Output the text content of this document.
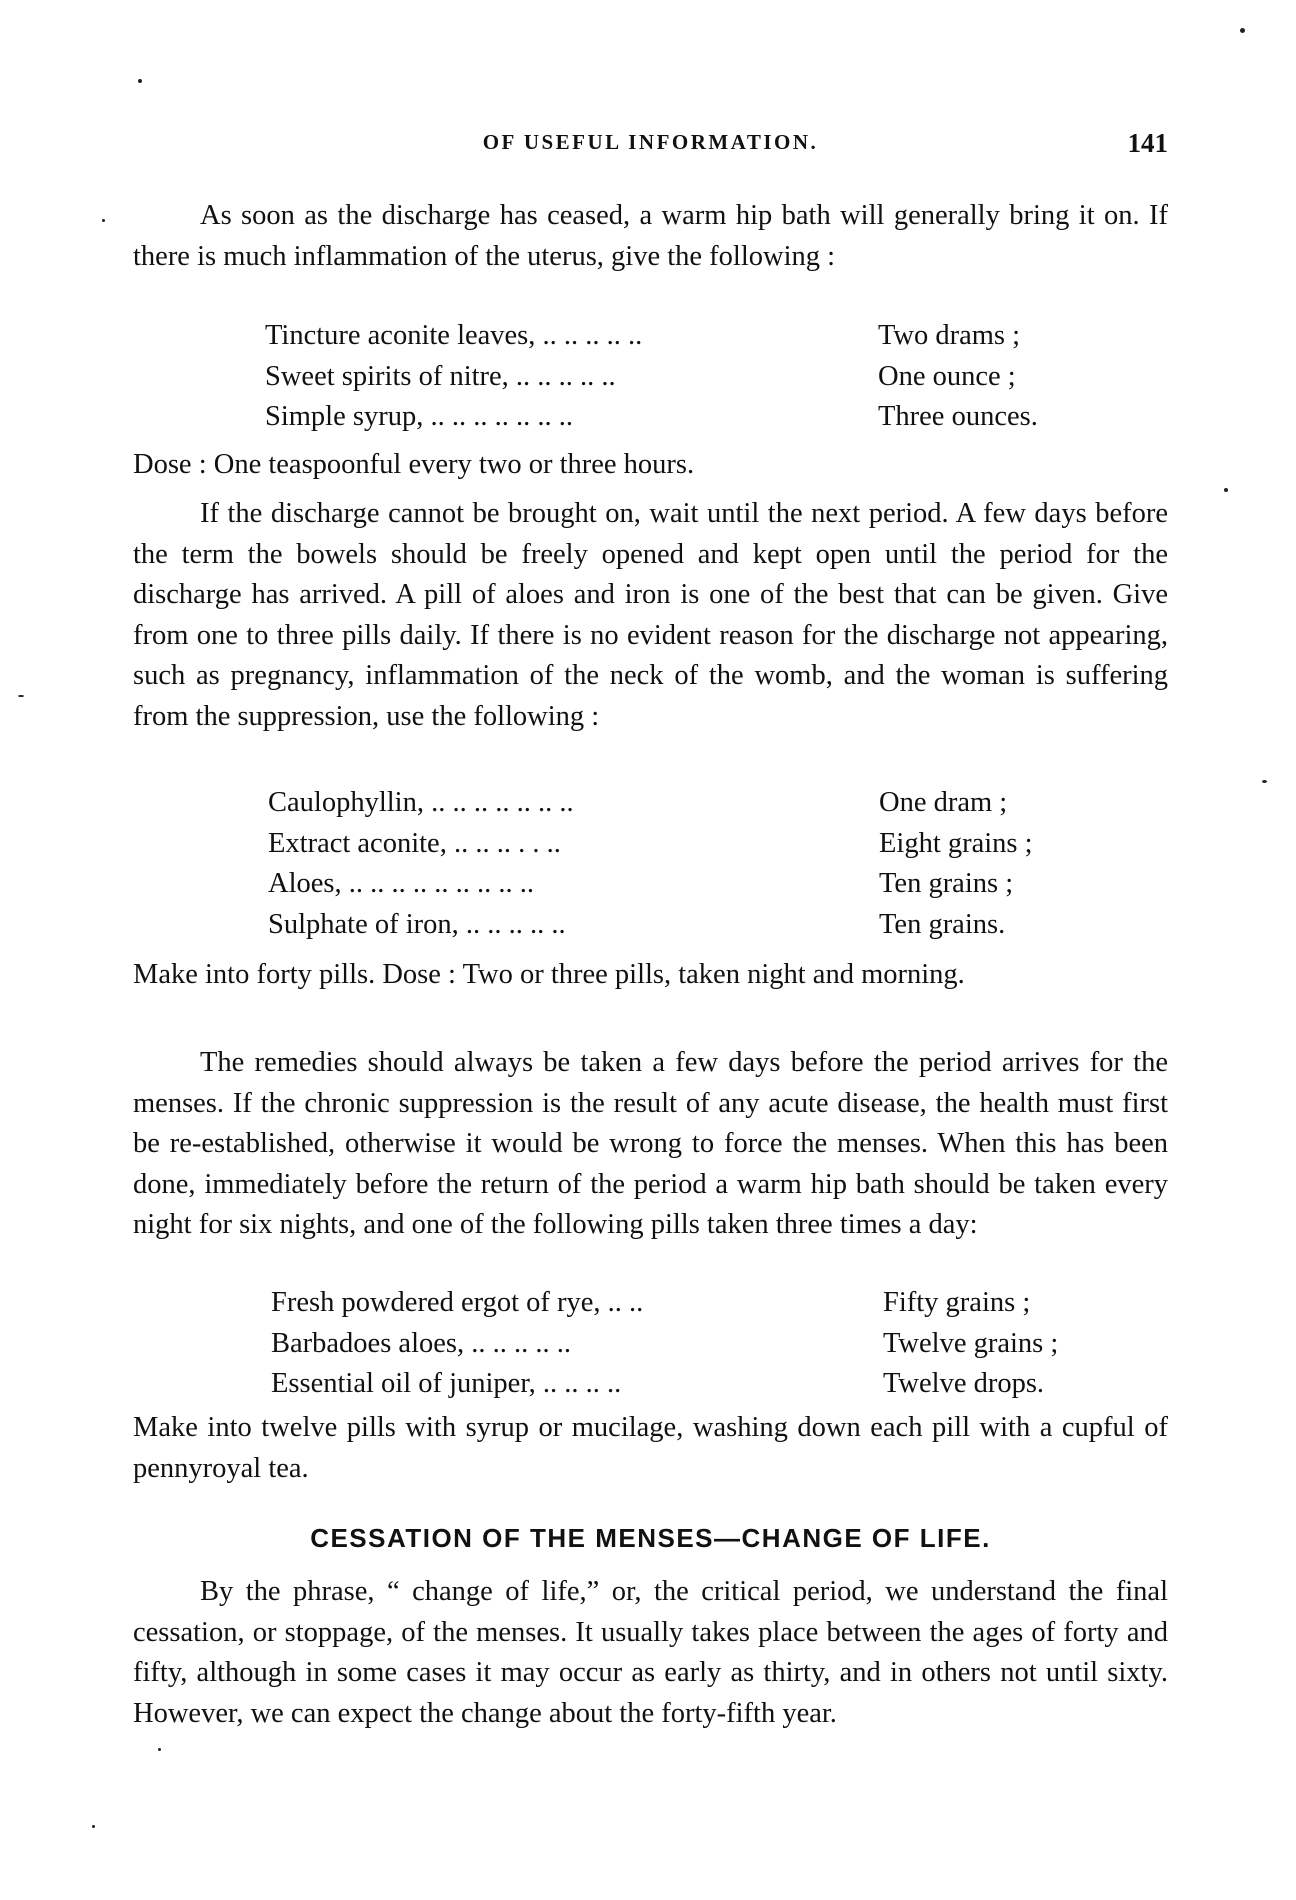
OF USEFUL INFORMATION.	141

As soon as the discharge has ceased, a warm hip bath will generally bring it on. If there is much inflammation of the uterus, give the following :

Tincture aconite leaves, .. .. .. .. ..	Two drams ;
Sweet spirits of nitre, .. .. .. .. ..	One ounce ;
Simple syrup, .. .. .. .. .. .. ..	Three ounces.

Dose : One teaspoonful every two or three hours.

If the discharge cannot be brought on, wait until the next period. A few days before the term the bowels should be freely opened and kept open until the period for the discharge has arrived. A pill of aloes and iron is one of the best that can be given. Give from one to three pills daily. If there is no evident reason for the discharge not appearing, such as pregnancy, inflammation of the neck of the womb, and the woman is suffering from the suppression, use the following :

Caulophyllin, .. .. .. .. .. .. ..	One dram ;
Extract aconite, .. .. .. . . ..	Eight grains ;
Aloes, .. .. .. .. .. .. .. .. ..	Ten grains ;
Sulphate of iron, .. .. .. .. ..	Ten grains.

Make into forty pills. Dose : Two or three pills, taken night and morning.

The remedies should always be taken a few days before the period arrives for the menses. If the chronic suppression is the result of any acute disease, the health must first be re-established, otherwise it would be wrong to force the menses. When this has been done, immediately before the return of the period a warm hip bath should be taken every night for six nights, and one of the following pills taken three times a day:

Fresh powdered ergot of rye, .. ..	Fifty grains ;
Barbadoes aloes, .. .. .. .. ..	Twelve grains ;
Essential oil of juniper, .. .. .. ..	Twelve drops.

Make into twelve pills with syrup or mucilage, washing down each pill with a cupful of pennyroyal tea.

CESSATION OF THE MENSES—CHANGE OF LIFE.

By the phrase, “ change of life,” or, the critical period, we understand the final cessation, or stoppage, of the menses. It usually takes place between the ages of forty and fifty, although in some cases it may occur as early as thirty, and in others not until sixty. However, we can expect the change about the forty-fifth year.
